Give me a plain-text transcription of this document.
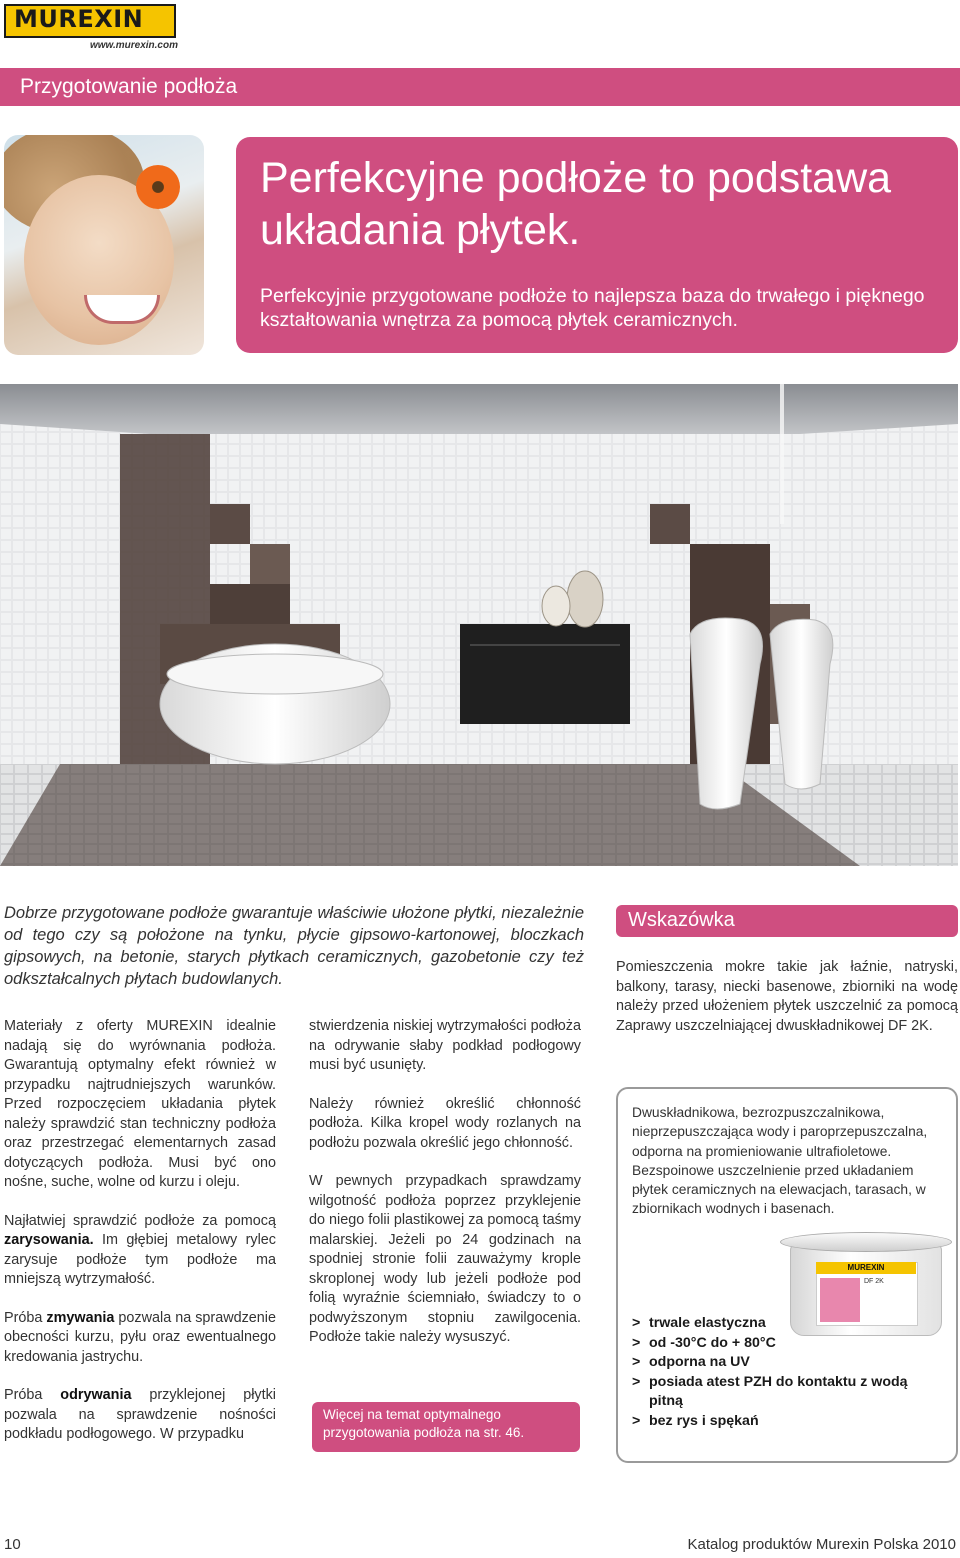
MUREXIN
www.murexin.com
Przygotowanie podłoża
Perfekcyjne podłoże to podstawa układania płytek.
Perfekcyjnie przygotowane podłoże to najlepsza baza do trwałego i pięknego kształtowania wnętrza za pomocą płytek ceramicznych.
Dobrze przygotowane podłoże gwarantuje właściwie ułożone płytki, niezależnie od tego czy są położone na tynku, płycie gipsowo-kartonowej, bloczkach gipsowych, na betonie, starych płytkach ceramicznych, gazobetonie czy też odkształcalnych płytach budowlanych.

Materiały z oferty MUREXIN idealnie nadają się do wyrównania podłoża. Gwarantują optymalny efekt również w przypadku najtrudniejszych warunków. Przed rozpoczęciem układania płytek należy sprawdzić stan techniczny podłoża oraz przestrzegać elementarnych zasad dotyczących podłoża. Musi być ono nośne, suche, wolne od kurzu i oleju.

Najłatwiej sprawdzić podłoże za pomocą zarysowania. Im głębiej metalowy rylec zarysuje podłoże tym podłoże ma mniejszą wytrzymałość.

Próba zmywania pozwala na sprawdzenie obecności kurzu, pyłu oraz ewentualnego kredowania jastrychu.

Próba odrywania przyklejonej płytki pozwala na sprawdzenie nośności podkładu podłogowego. W przypadku

stwierdzenia niskiej wytrzymałości podłoża na odrywanie słaby podkład podłogowy musi być usunięty.

Należy również określić chłonność podłoża. Kilka kropel wody rozlanych na podłożu pozwala określić jego chłonność.

W pewnych przypadkach sprawdzamy wilgotność podłoża poprzez przyklejenie do niego folii plastikowej za pomocą taśmy malarskiej. Jeżeli po 24 godzinach na spodniej stronie folii zauważymy krople skroplonej wody lub jeżeli podłoże pod folią wyraźnie ściemniało, świadczy to o podwyższonym stopniu zawilgocenia. Podłoże takie należy wysuszyć.

Więcej na temat optymalnego przygotowania podłoża na str. 46.
Wskazówka
Pomieszczenia mokre takie jak łaźnie, natryski, balkony, tarasy, niecki basenowe, zbiorniki na wodę należy przed ułożeniem płytek uszczelnić za pomocą Zaprawy uszczelniającej dwuskładnikowej DF 2K.
Dwuskładnikowa, bezrozpuszczalnikowa, nieprzepuszczająca wody i paroprzepuszczalna, odporna na promieniowanie ultrafioletowe. Bezspoinowe uszczelnienie przed układaniem płytek ceramicznych na elewacjach, tarasach, w zbiornikach wodnych i basenach.
MUREXIN
DF 2K
> trwale elastyczna
> od -30°C do + 80°C
> odporna na UV
> posiada atest PZH do kontaktu z wodą pitną
> bez rys i spękań
10	Katalog produktów Murexin Polska 2010
